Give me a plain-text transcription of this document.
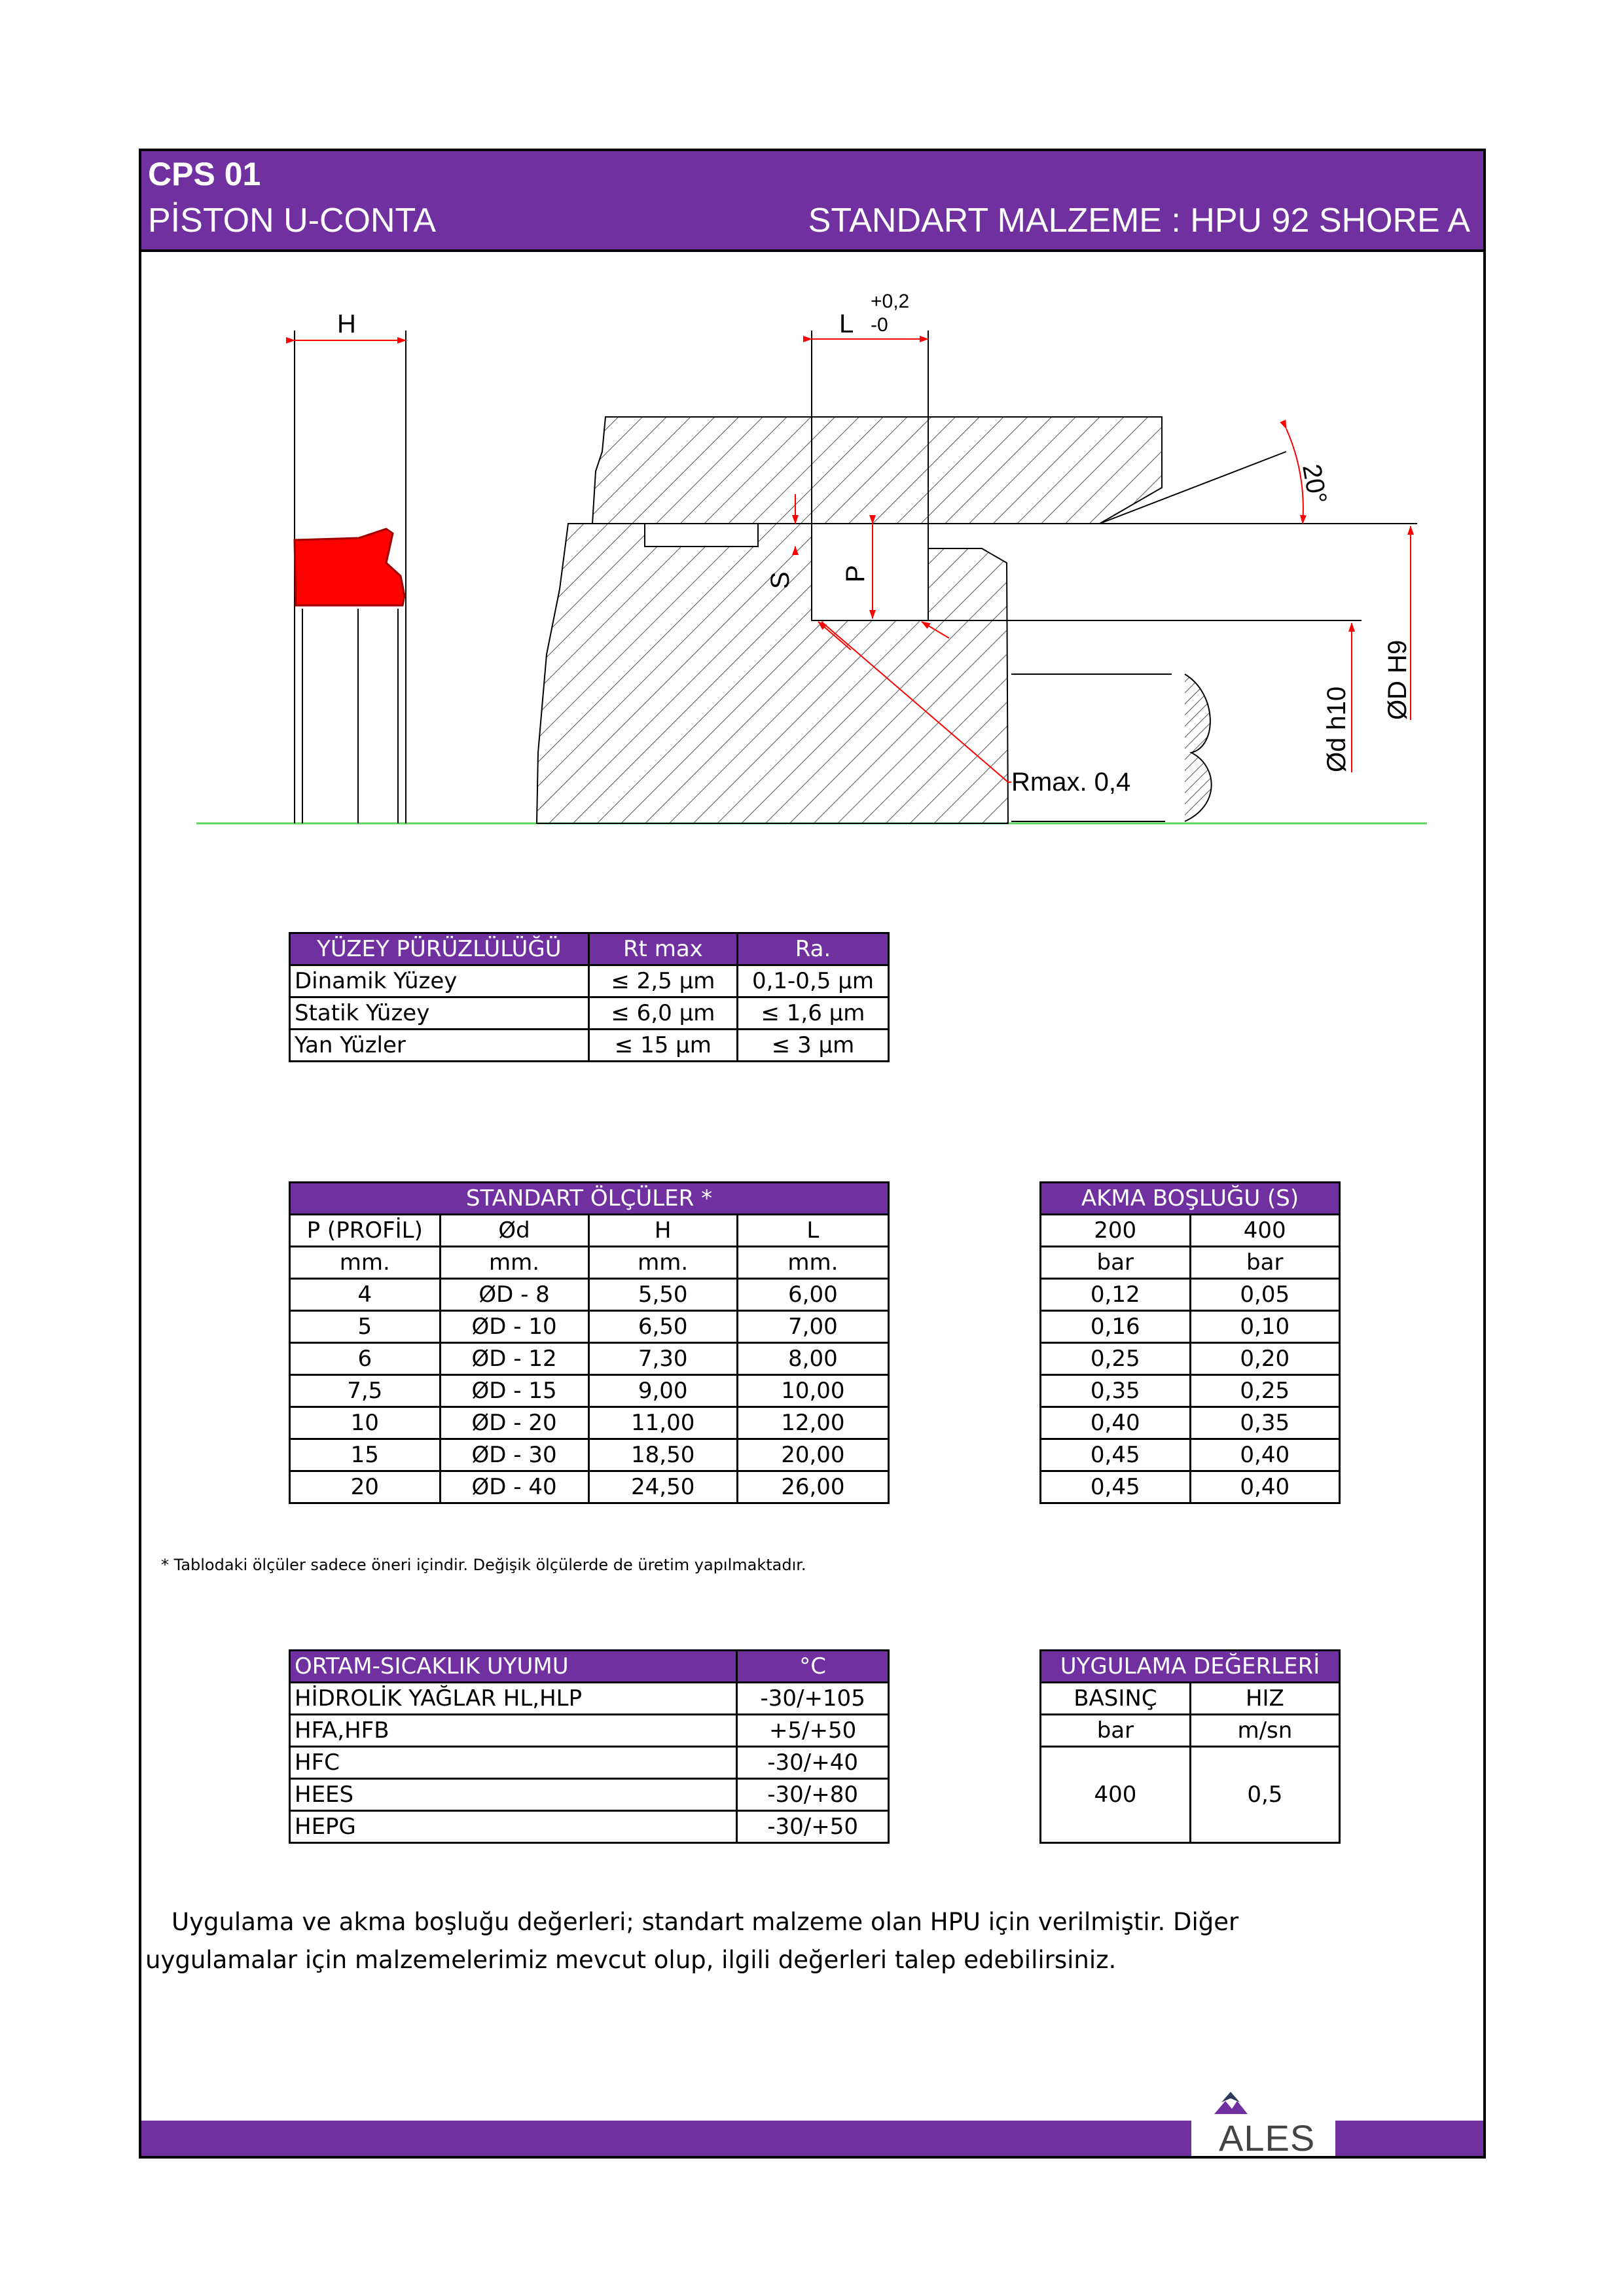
CPS 01
PİSTON U-CONTA	STANDART MALZEME : HPU 92 SHORE A
H	L
+0,2
-0
S P
20°
Rmax. 0,4
Ød h10
ØD H9
YÜZEY PÜRÜZLÜLÜĞÜ	Rt max	Ra.
Dinamik Yüzey	≤ 2,5 µm	0,1-0,5 µm
Statik Yüzey	≤ 6,0 µm	≤ 1,6 µm
Yan Yüzler	≤ 15 µm	≤ 3 µm
STANDART ÖLÇÜLER *			
P (PROFİL)	Ød	H	L
mm.	mm.	mm.	mm.
4	ØD - 8	5,50	6,00
5	ØD - 10	6,50	7,00
6	ØD - 12	7,30	8,00
7,5	ØD - 15	9,00	10,00
10	ØD - 20	11,00	12,00
15	ØD - 30	18,50	20,00
20	ØD - 40	24,50	26,00
AKMA BOŞLUĞU (S)	
200	400
bar	bar
0,12	0,05
0,16	0,10
0,25	0,20
0,35	0,25
0,40	0,35
0,45	0,40
0,45	0,40
* Tablodaki ölçüler sadece öneri içindir. Değişik ölçülerde de üretim yapılmaktadır.
ORTAM-SICAKLIK UYUMU	°C
HİDROLİK YAĞLAR HL,HLP	-30/+105
HFA,HFB	+5/+50
HFC	-30/+40
HEES	-30/+80
HEPG	-30/+50
UYGULAMA DEĞERLERİ	
BASINÇ	HIZ
bar	m/sn
400	0,5
Uygulama ve akma boşluğu değerleri; standart malzeme olan HPU için verilmiştir. Diğer uygulamalar için malzemelerimiz mevcut olup, ilgili değerleri talep edebilirsiniz.
ALES
